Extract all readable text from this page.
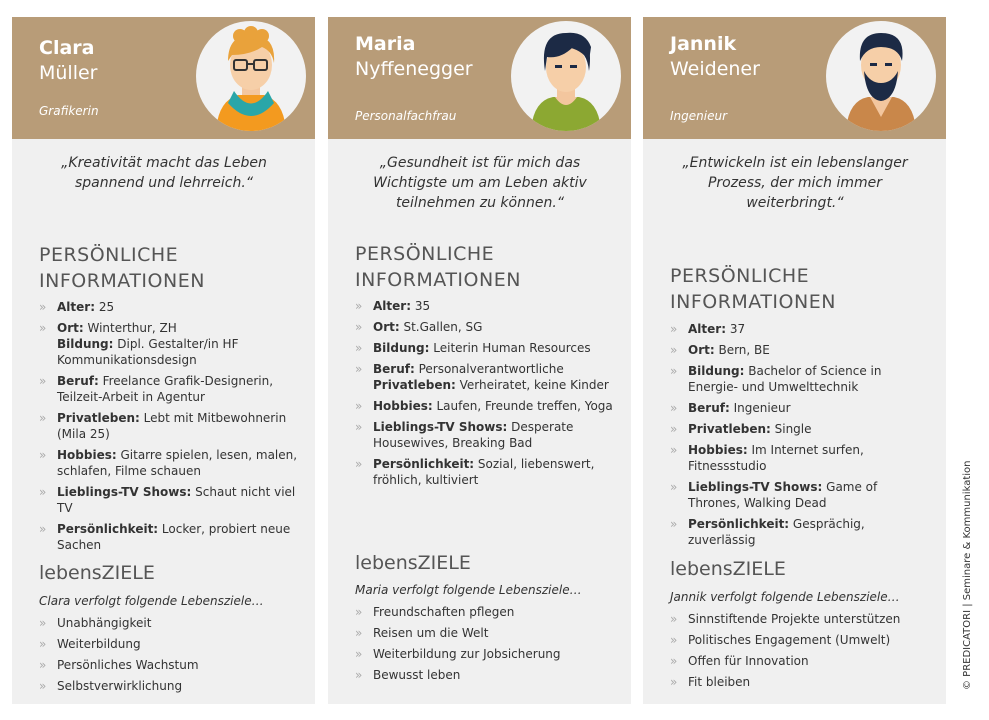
Clara
Müller
Grafikerin
„Kreativität macht das Leben spannend und lehrreich.“
PERSÖNLICHE INFORMATIONEN
» Alter: 25
» Ort: Winterthur, ZH
Bildung: Dipl. Gestalter/in HF Kommunikationsdesign
» Beruf: Freelance Grafik-Designerin, Teilzeit-Arbeit in Agentur
» Privatleben: Lebt mit Mitbewohnerin (Mila 25)
» Hobbies: Gitarre spielen, lesen, malen, schlafen, Filme schauen
» Lieblings-TV Shows: Schaut nicht viel TV
» Persönlichkeit: Locker, probiert neue Sachen
lebensZIELE
Clara verfolgt folgende Lebensziele…
» Unabhängigkeit
» Weiterbildung
» Persönliches Wachstum
» Selbstverwirklichung
Maria
Nyffenegger
Personalfachfrau
„Gesundheit ist für mich das Wichtigste um am Leben aktiv teilnehmen zu können.“
PERSÖNLICHE INFORMATIONEN
» Alter: 35
» Ort: St.Gallen, SG
» Bildung: Leiterin Human Resources
» Beruf: Personalverantwortliche
Privatleben: Verheiratet, keine Kinder
» Hobbies: Laufen, Freunde treffen, Yoga
» Lieblings-TV Shows: Desperate Housewives, Breaking Bad
» Persönlichkeit: Sozial, liebenswert, fröhlich, kultiviert
lebensZIELE
Maria verfolgt folgende Lebensziele…
» Freundschaften pflegen
» Reisen um die Welt
» Weiterbildung zur Jobsicherung
» Bewusst leben
Jannik
Weidener
Ingenieur
„Entwickeln ist ein lebenslanger Prozess, der mich immer weiterbringt.“
PERSÖNLICHE INFORMATIONEN
» Alter: 37
» Ort: Bern, BE
» Bildung: Bachelor of Science in Energie- und Umwelttechnik
» Beruf: Ingenieur
» Privatleben: Single
» Hobbies: Im Internet surfen, Fitnessstudio
» Lieblings-TV Shows: Game of Thrones, Walking Dead
» Persönlichkeit: Gesprächig, zuverlässig
lebensZIELE
Jannik verfolgt folgende Lebensziele…
» Sinnstiftende Projekte unterstützen
» Politisches Engagement (Umwelt)
» Offen für Innovation
» Fit bleiben	© PREDICATORI | Seminare & Kommunikation
